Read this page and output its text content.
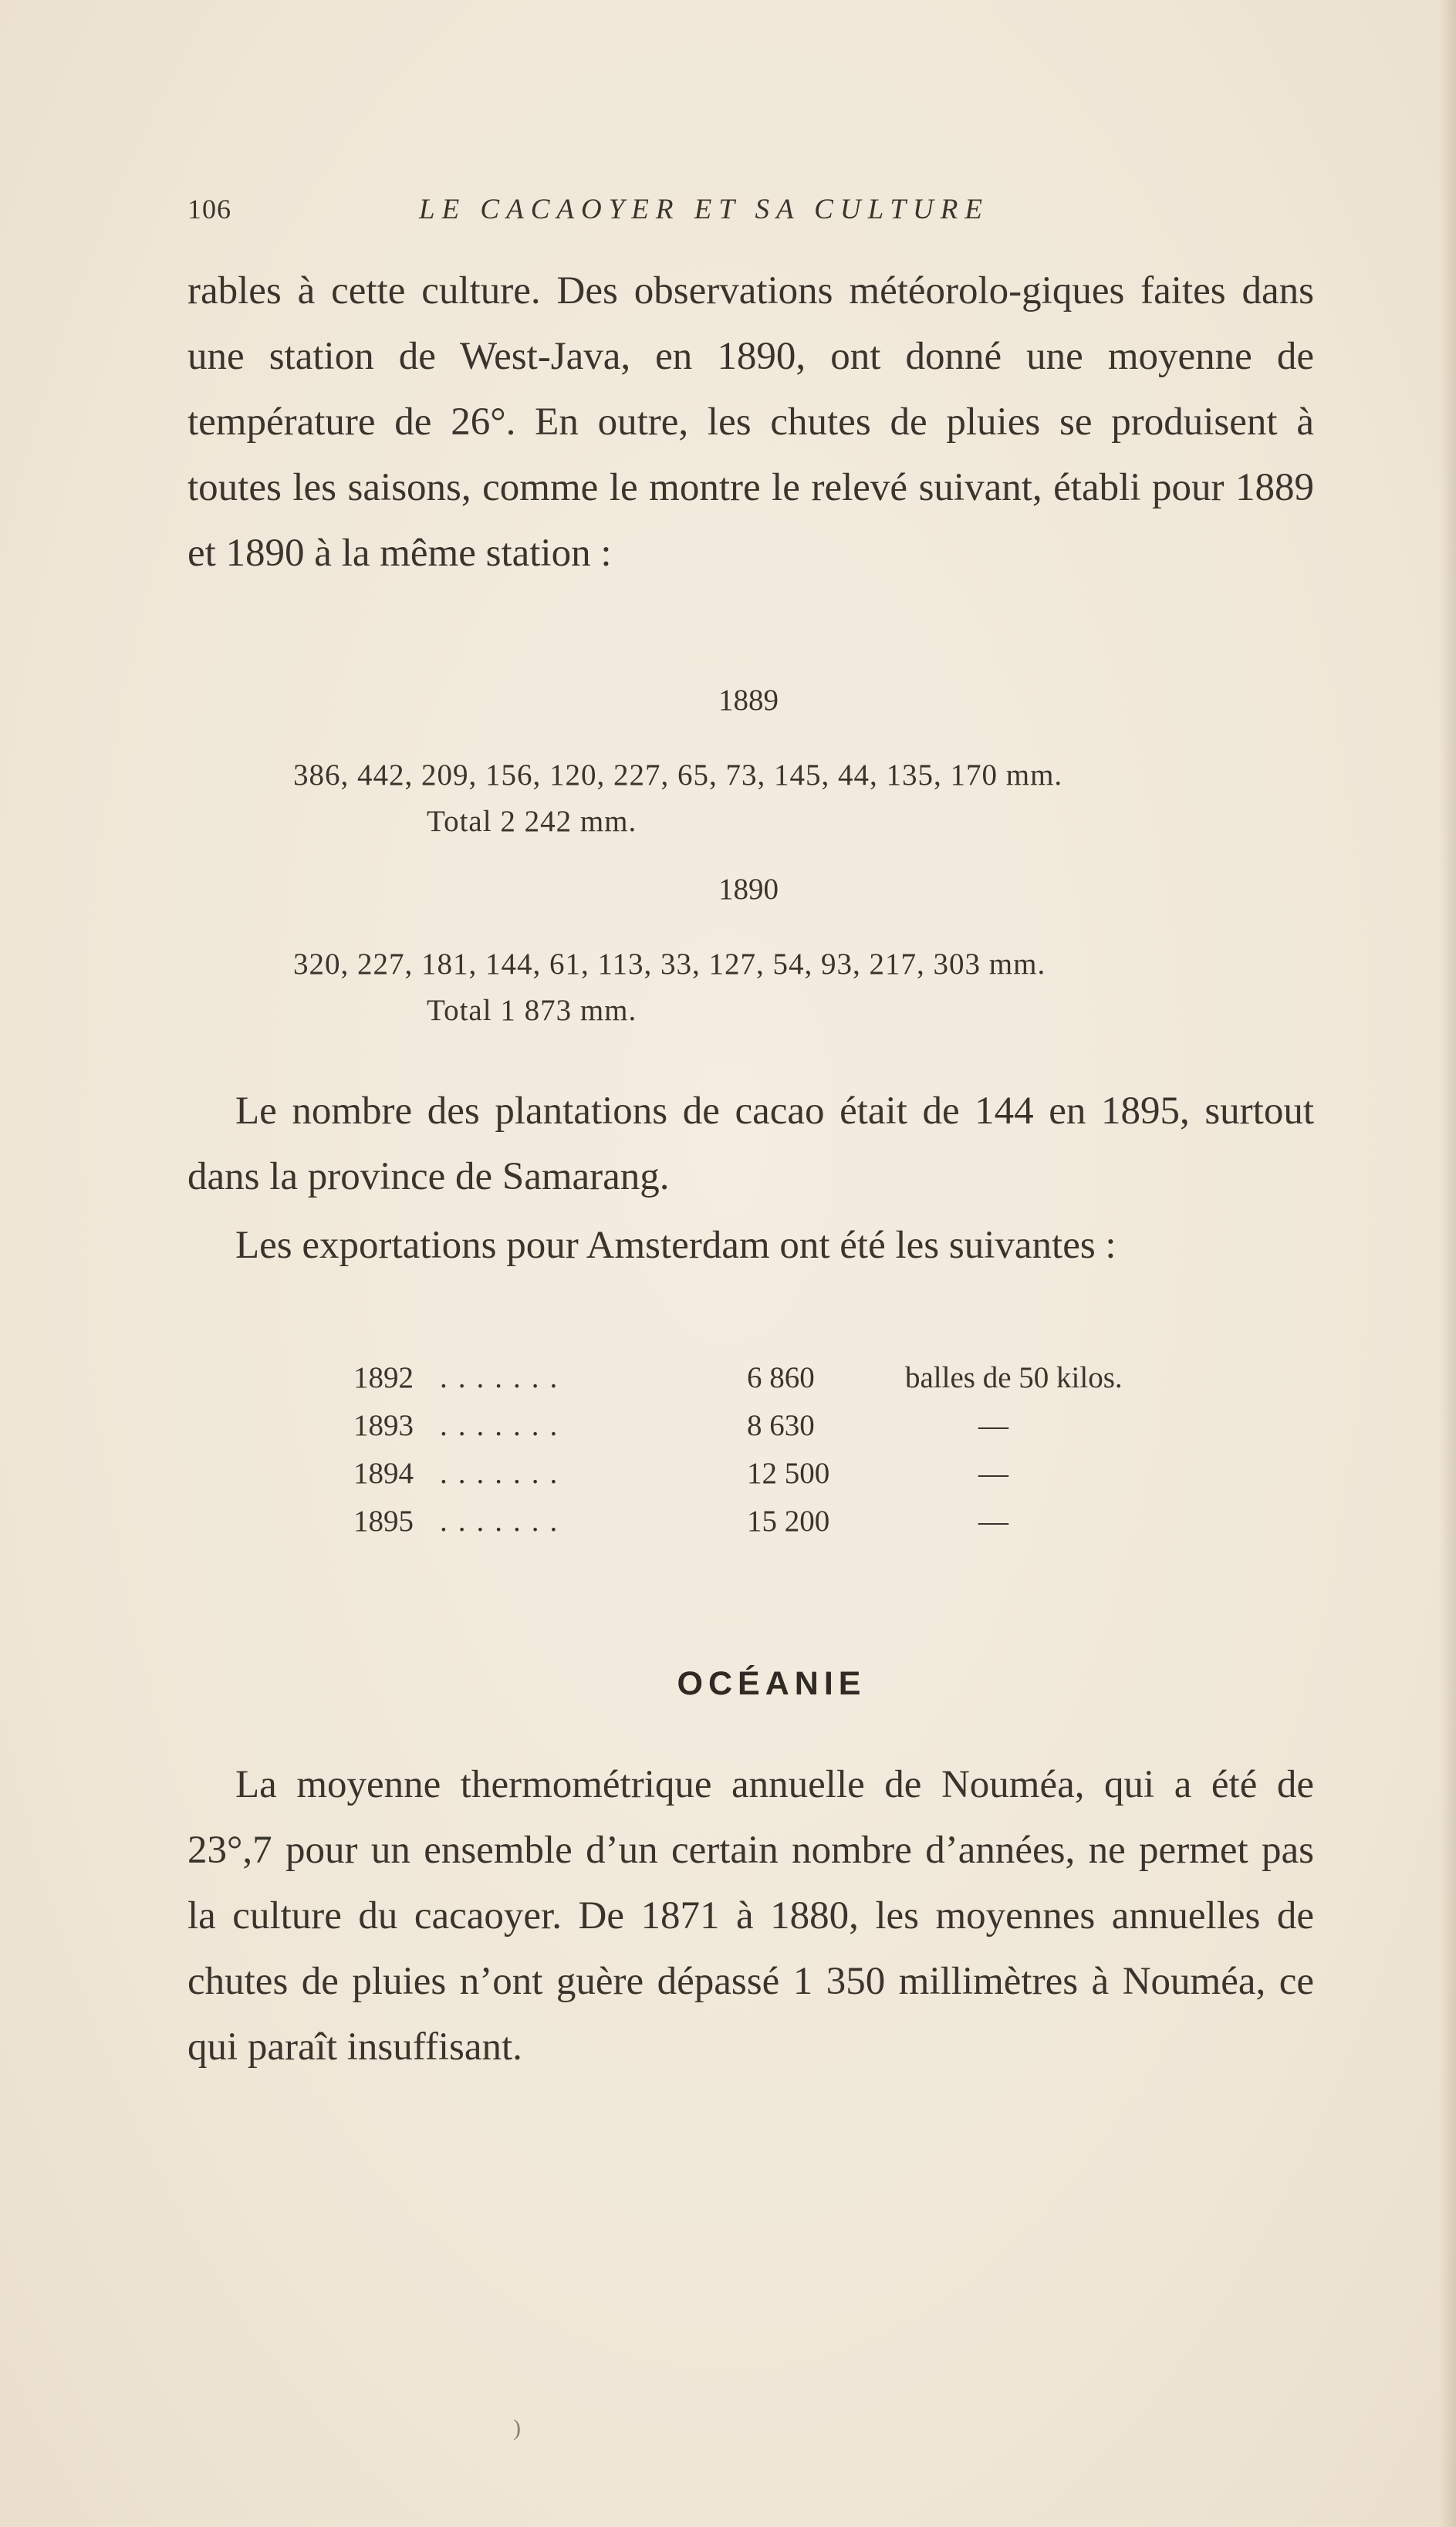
106	LE CACAOYER ET SA CULTURE

rables à cette culture. Des observations météorolo-giques faites dans une station de West-Java, en 1890, ont donné une moyenne de température de 26°. En outre, les chutes de pluies se produisent à toutes les saisons, comme le montre le relevé suivant, établi pour 1889 et 1890 à la même station :

1889
386, 442, 209, 156, 120, 227, 65, 73, 145, 44, 135, 170 mm.
Total 2 242 mm.
1890
320, 227, 181, 144, 61, 113, 33, 127, 54, 93, 217, 303 mm.
Total 1 873 mm.

Le nombre des plantations de cacao était de 144 en 1895, surtout dans la province de Samarang.

Les exportations pour Amsterdam ont été les suivantes :

1892 .......	6 860	balles de 50 kilos.
1893 .......	8 630	—
1894 .......	12 500	—
1895 .......	15 200	—
OCÉANIE

La moyenne thermométrique annuelle de Nouméa, qui a été de 23°,7 pour un ensemble d’un certain nombre d’années, ne permet pas la culture du cacaoyer. De 1871 à 1880, les moyennes annuelles de chutes de pluies n’ont guère dépassé 1 350 millimètres à Nouméa, ce qui paraît insuffisant.

)
